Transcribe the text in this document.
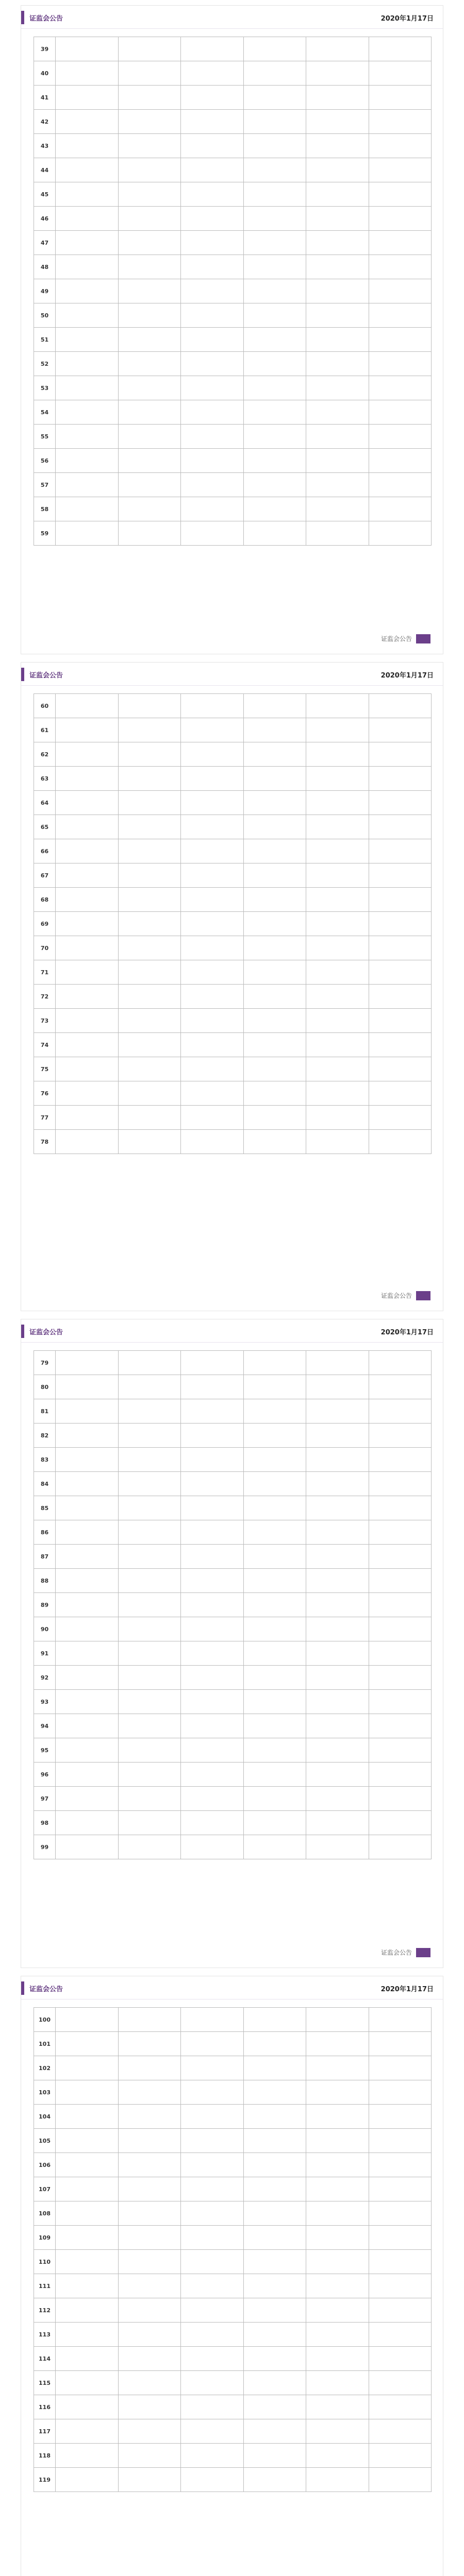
证监会公告	2020年1月17日
39						
40						
41						
42						
43						
44						
45						
46						
47						
48						
49						
50						
51						
52						
53						
54						
55						
56						
57						
58						
59						
证监会公告
证监会公告	2020年1月17日
60						
61						
62						
63						
64						
65						
66						
67						
68						
69						
70						
71						
72						
73						
74						
75						
76						
77						
78						
证监会公告
证监会公告	2020年1月17日
79						
80						
81						
82						
83						
84						
85						
86						
87						
88						
89						
90						
91						
92						
93						
94						
95						
96						
97						
98						
99						
证监会公告
证监会公告	2020年1月17日
100						
101						
102						
103						
104						
105						
106						
107						
108						
109						
110						
111						
112						
113						
114						
115						
116						
117						
118						
119						
